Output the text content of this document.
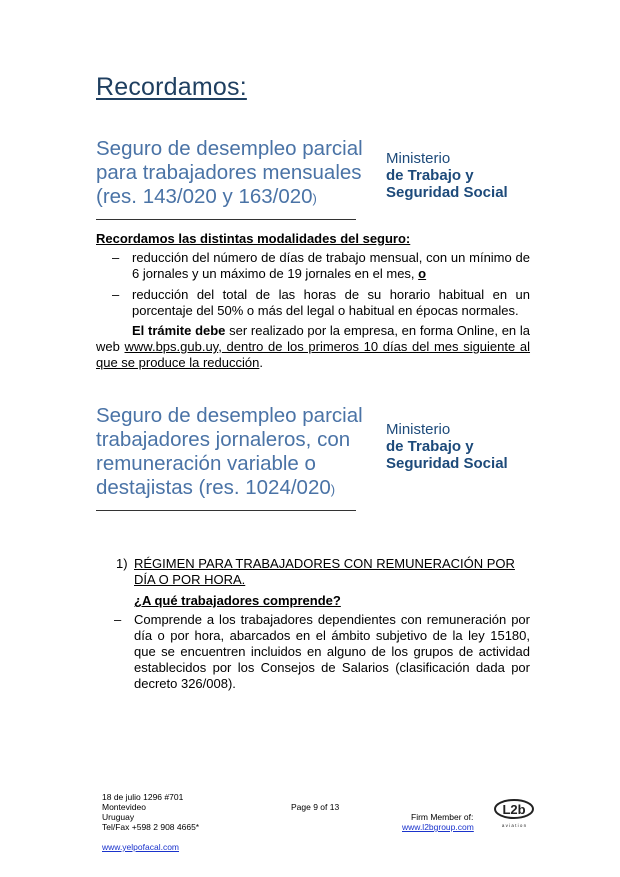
Recordamos:
Seguro de desempleo parcial
para trabajadores mensuales
(res. 143/020 y 163/020)
Ministerio
de Trabajo y
Seguridad Social
Recordamos las distintas modalidades del seguro:
– reducción del número de días de trabajo mensual, con un mínimo de 6 jornales y un máximo de 19 jornales en el mes, o
– reducción del total de las horas de su horario habitual en un porcentaje del 50% o más del legal o habitual en épocas normales.
El trámite debe ser realizado por la empresa, en forma Online, en la web www.bps.gub.uy, dentro de los primeros 10 días del mes siguiente al que se produce la reducción.
Seguro de desempleo parcial
trabajadores jornaleros, con
remuneración variable o
destajistas (res. 1024/020)
Ministerio
de Trabajo y
Seguridad Social
1) RÉGIMEN PARA TRABAJADORES CON REMUNERACIÓN POR DÍA O POR HORA.
¿A qué trabajadores comprende?
– Comprende a los trabajadores dependientes con remuneración por día o por hora, abarcados en el ámbito subjetivo de la ley 15180, que se encuentren incluidos en alguno de los grupos de actividad establecidos por los Consejos de Salarios (clasificación dada por decreto 326/008).
18 de julio 1296 #701
Montevideo
Uruguay
Tel/Fax +598 2 908 4665*
Page 9 of 13
Firm Member of:
www.l2bgroup.com
L2b
a v i a t i o n
www.yelpofacal.com
